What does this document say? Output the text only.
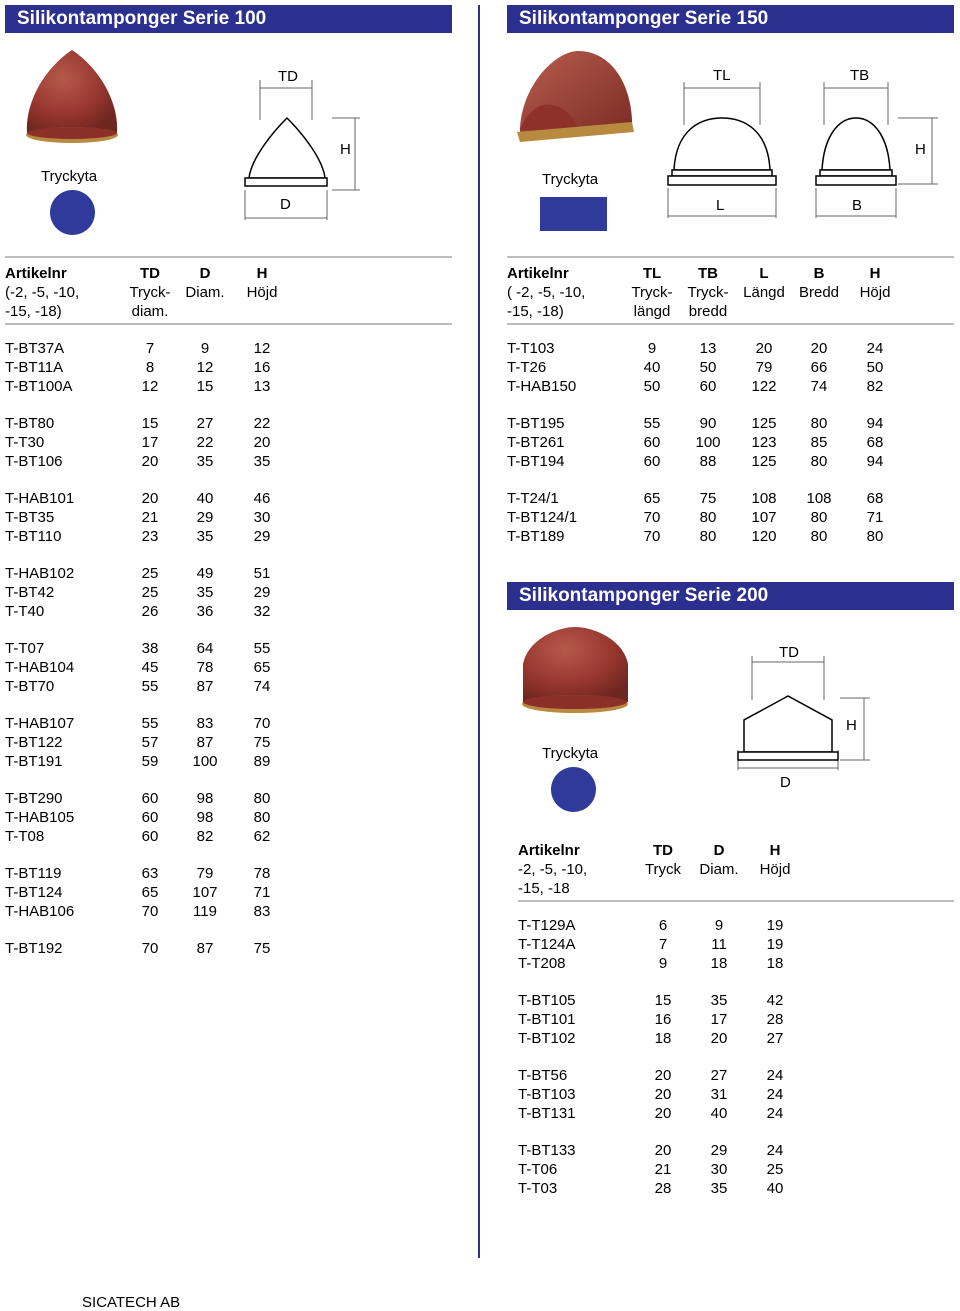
Silikontamponger Serie 100
Tryckyta
TD
H
D
Artikelnr
(-2, -5, -10,
-15, -18)
TD
Tryck-
diam.
D
Diam.
H
Höjd
T-BT37A	7	9	12
T-BT11A	8	12	16
T-BT100A	12	15	13
T-BT80	15	27	22
T-T30	17	22	20
T-BT106	20	35	35
T-HAB101	20	40	46
T-BT35	21	29	30
T-BT110	23	35	29
T-HAB102	25	49	51
T-BT42	25	35	29
T-T40	26	36	32
T-T07	38	64	55
T-HAB104	45	78	65
T-BT70	55	87	74
T-HAB107	55	83	70
T-BT122	57	87	75
T-BT191	59 100 89
T-BT290	60	98	80
T-HAB105	60	98	80
T-T08	60	82	62
T-BT119	63	79	78
T-BT124	65 107 71
T-HAB106	70 119 83
T-BT192	70	87	75
Silikontamponger Serie 150
Tryckyta
TL	TB
H
L	B
Artikelnr
( -2, -5, -10,
-15, -18)
TL
Tryck-
längd
TB
Tryck-
bredd
L
Längd
B
Bredd
H
Höjd
T-T103	9	13	20	20	24
T-T26	40	50	79	66	50
T-HAB150	50	60 122 74	82
T-BT195	55	90 125 80	94
T-BT261	60 100 123 85	68
T-BT194	60	88 125 80	94
T-T24/1	65	75 108 108 68
T-BT124/1	70	80 107 80	71
T-BT189	70	80 120 80	80
Silikontamponger Serie 200
Tryckyta
TD
H
D
Artikelnr
-2, -5, -10,
-15, -18
TD
Tryck
D
Diam.
H
Höjd
T-T129A	6	9	19
T-T124A	7	11	19
T-T208	9	18	18
T-BT105	15	35	42
T-BT101	16	17	28
T-BT102	18	20	27
T-BT56	20	27	24
T-BT103	20	31	24
T-BT131	20	40	24
T-BT133	20	29	24
T-T06	21	30	25
T-T03	28	35	40
SICATECH AB
